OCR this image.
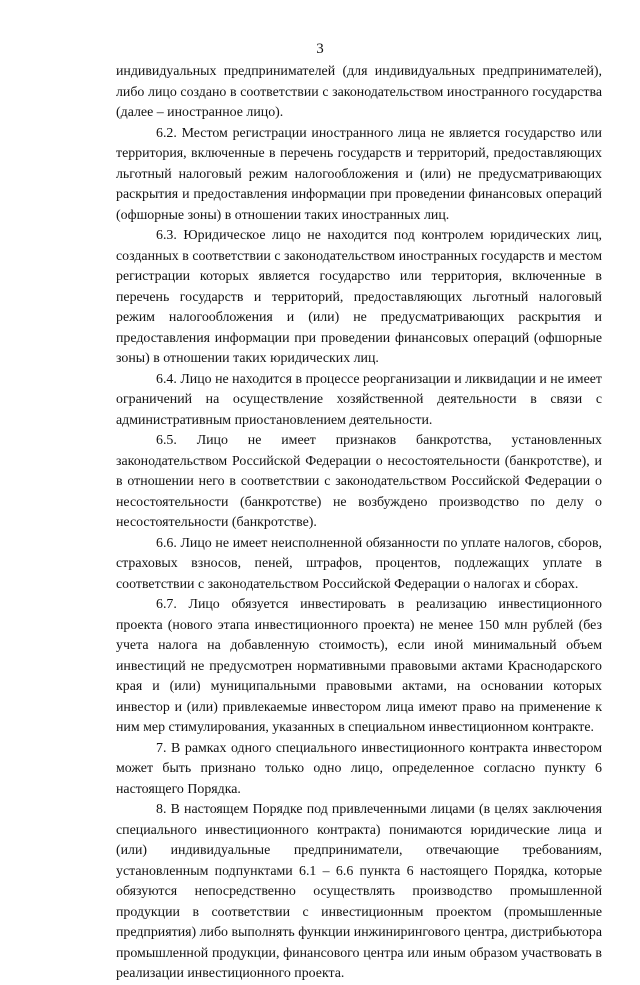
3

индивидуальных предпринимателей (для индивидуальных предпринимателей), либо лицо создано в соответствии с законодательством иностранного государства (далее – иностранное лицо).

6.2. Местом регистрации иностранного лица не является государство или территория, включенные в перечень государств и территорий, предоставляющих льготный налоговый режим налогообложения и (или) не предусматривающих раскрытия и предоставления информации при проведении финансовых операций (офшорные зоны) в отношении таких иностранных лиц.

6.3. Юридическое лицо не находится под контролем юридических лиц, созданных в соответствии с законодательством иностранных государств и местом регистрации которых является государство или территория, включенные в перечень государств и территорий, предоставляющих льготный налоговый режим налогообложения и (или) не предусматривающих раскрытия и предоставления информации при проведении финансовых операций (офшорные зоны) в отношении таких юридических лиц.

6.4. Лицо не находится в процессе реорганизации и ликвидации и не имеет ограничений на осуществление хозяйственной деятельности в связи с административным приостановлением деятельности.

6.5. Лицо не имеет признаков банкротства, установленных законодательством Российской Федерации о несостоятельности (банкротстве), и в отношении него в соответствии с законодательством Российской Федерации о несостоятельности (банкротстве) не возбуждено производство по делу о несостоятельности (банкротстве).

6.6. Лицо не имеет неисполненной обязанности по уплате налогов, сборов, страховых взносов, пеней, штрафов, процентов, подлежащих уплате в соответствии с законодательством Российской Федерации о налогах и сборах.

6.7. Лицо обязуется инвестировать в реализацию инвестиционного проекта (нового этапа инвестиционного проекта) не менее 150 млн рублей (без учета налога на добавленную стоимость), если иной минимальный объем инвестиций не предусмотрен нормативными правовыми актами Краснодарского края и (или) муниципальными правовыми актами, на основании которых инвестор и (или) привлекаемые инвестором лица имеют право на применение к ним мер стимулирования, указанных в специальном инвестиционном контракте.

7. В рамках одного специального инвестиционного контракта инвестором может быть признано только одно лицо, определенное согласно пункту 6 настоящего Порядка.

8. В настоящем Порядке под привлеченными лицами (в целях заключения специального инвестиционного контракта) понимаются юридические лица и (или) индивидуальные предприниматели, отвечающие требованиям, установленным подпунктами 6.1 – 6.6 пункта 6 настоящего Порядка, которые обязуются непосредственно осуществлять производство промышленной продукции в соответствии с инвестиционным проектом (промышленные предприятия) либо выполнять функции инжинирингового центра, дистрибьютора промышленной продукции, финансового центра или иным образом участвовать в реализации инвестиционного проекта.
